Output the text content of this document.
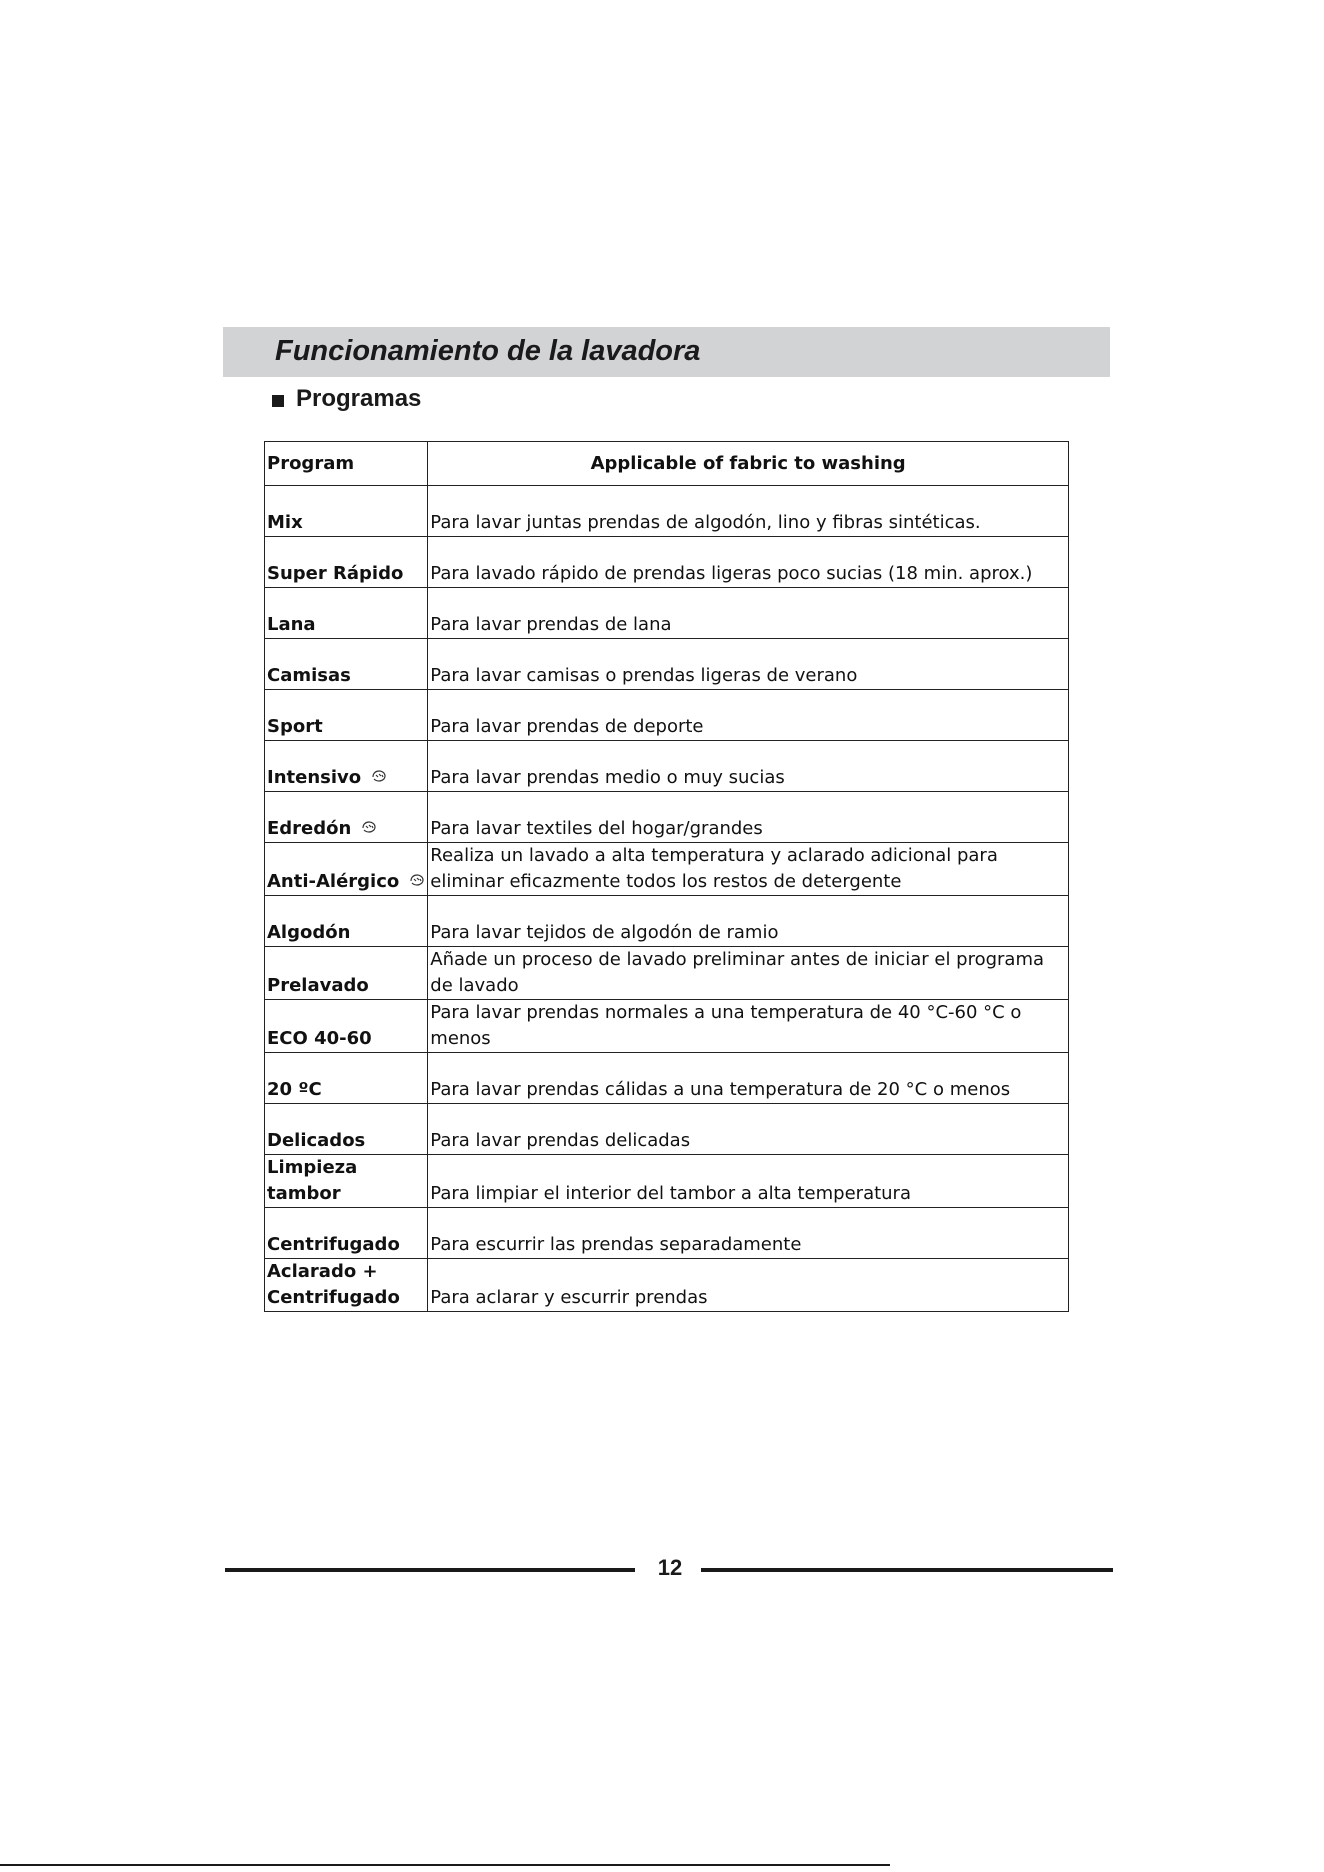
Funcionamiento de la lavadora
Programas
Program	Applicable of fabric to washing
Mix	Para lavar juntas prendas de algodón, lino y fibras sintéticas.
Super Rápido	Para lavado rápido de prendas ligeras poco sucias (18 min. aprox.)
Lana	Para lavar prendas de lana
Camisas	Para lavar camisas o prendas ligeras de verano
Sport	Para lavar prendas de deporte
Intensivo	Para lavar prendas medio o muy sucias
Edredón	Para lavar textiles del hogar/grandes
Anti-Alérgico	Realiza un lavado a alta temperatura y aclarado adicional para eliminar eficazmente todos los restos de detergente
Algodón	Para lavar tejidos de algodón de ramio
Prelavado	Añade un proceso de lavado preliminar antes de iniciar el programa de lavado
ECO 40-60	Para lavar prendas normales a una temperatura de 40 °C-60 °C o menos
20 ºC	Para lavar prendas cálidas a una temperatura de 20 °C o menos
Delicados	Para lavar prendas delicadas
Limpieza tambor	Para limpiar el interior del tambor a alta temperatura
Centrifugado	Para escurrir las prendas separadamente
Aclarado + Centrifugado	Para aclarar y escurrir prendas
12
